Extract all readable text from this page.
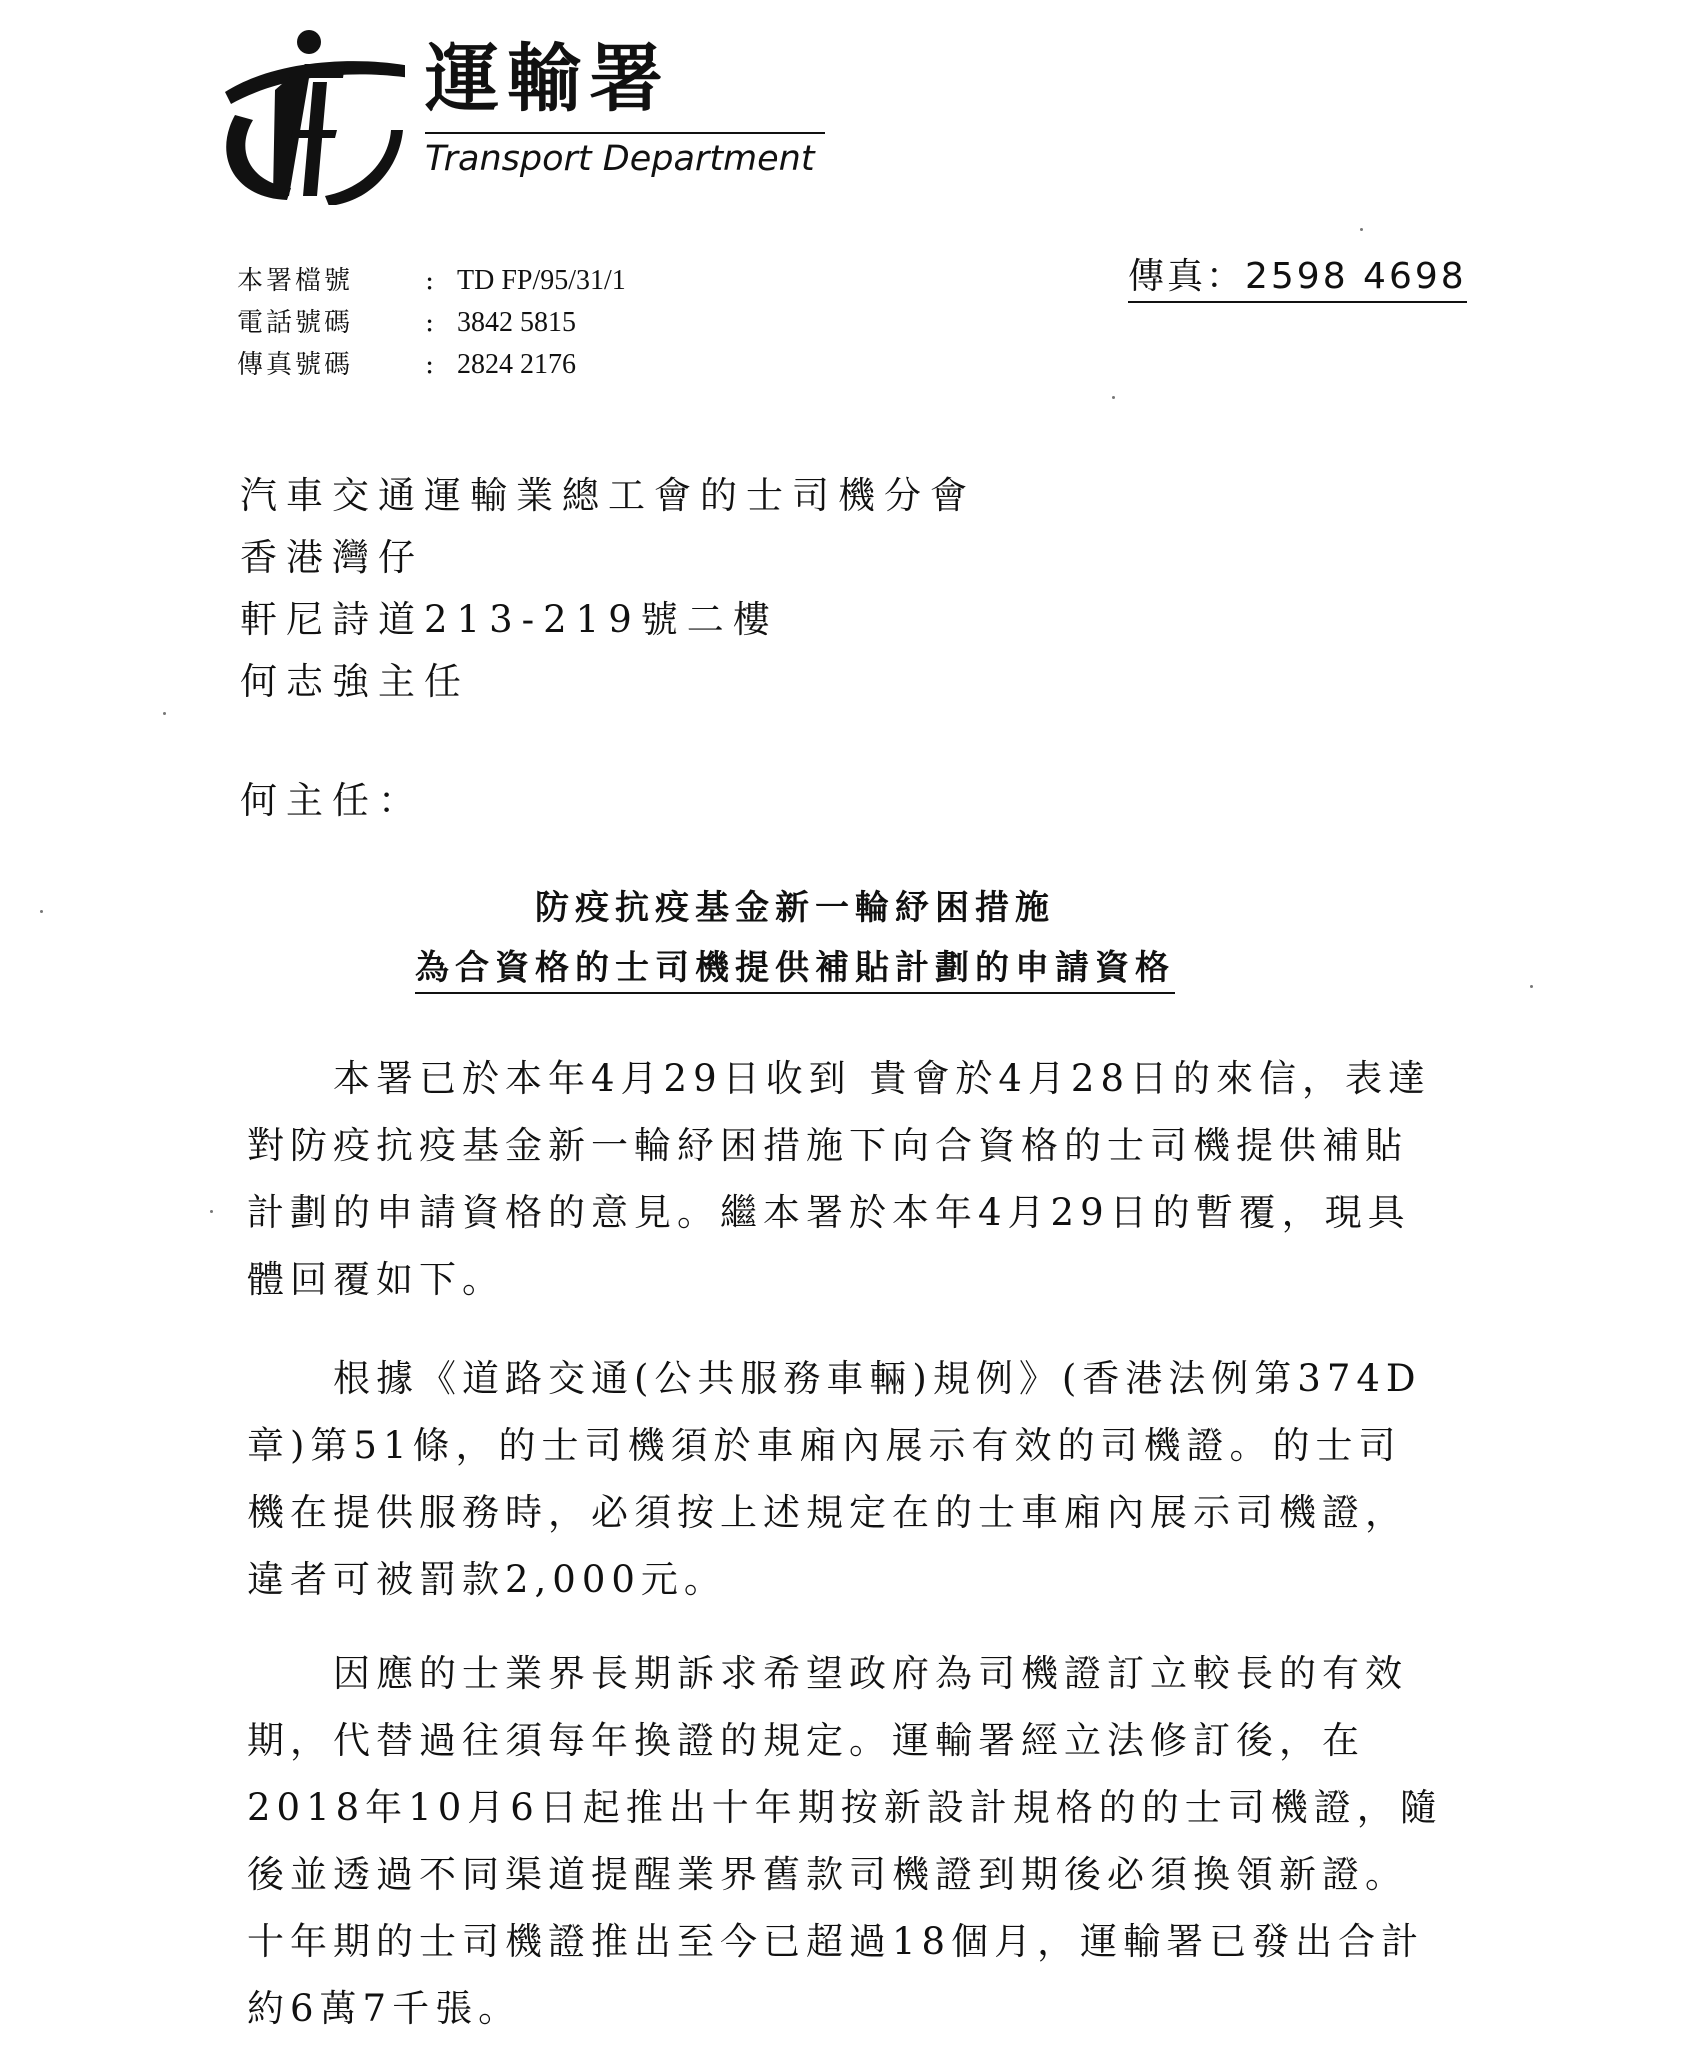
運輸署
Transport Department
本署檔號	: TD FP/95/31/1
電話號碼	: 3842 5815
傳真號碼	: 2824 2176
傳真：2598 4698
汽車交通運輸業總工會的士司機分會
香港灣仔
軒尼詩道213-219號二樓
何志強主任
何主任：
防疫抗疫基金新一輪紓困措施
為合資格的士司機提供補貼計劃的申請資格
　　本署已於本年4月29日收到 貴會於4月28日的來信，表達
對防疫抗疫基金新一輪紓困措施下向合資格的士司機提供補貼
計劃的申請資格的意見。繼本署於本年4月29日的暫覆，現具
體回覆如下。
　　根據《道路交通(公共服務車輛)規例》(香港法例第374D
章)第51條，的士司機須於車廂內展示有效的司機證。的士司
機在提供服務時，必須按上述規定在的士車廂內展示司機證，
違者可被罰款2,000元。
　　因應的士業界長期訴求希望政府為司機證訂立較長的有效
期，代替過往須每年換證的規定。運輸署經立法修訂後，在
2018年10月6日起推出十年期按新設計規格的的士司機證，隨
後並透過不同渠道提醒業界舊款司機證到期後必須換領新證。
十年期的士司機證推出至今已超過18個月，運輸署已發出合計
約6萬7千張。
